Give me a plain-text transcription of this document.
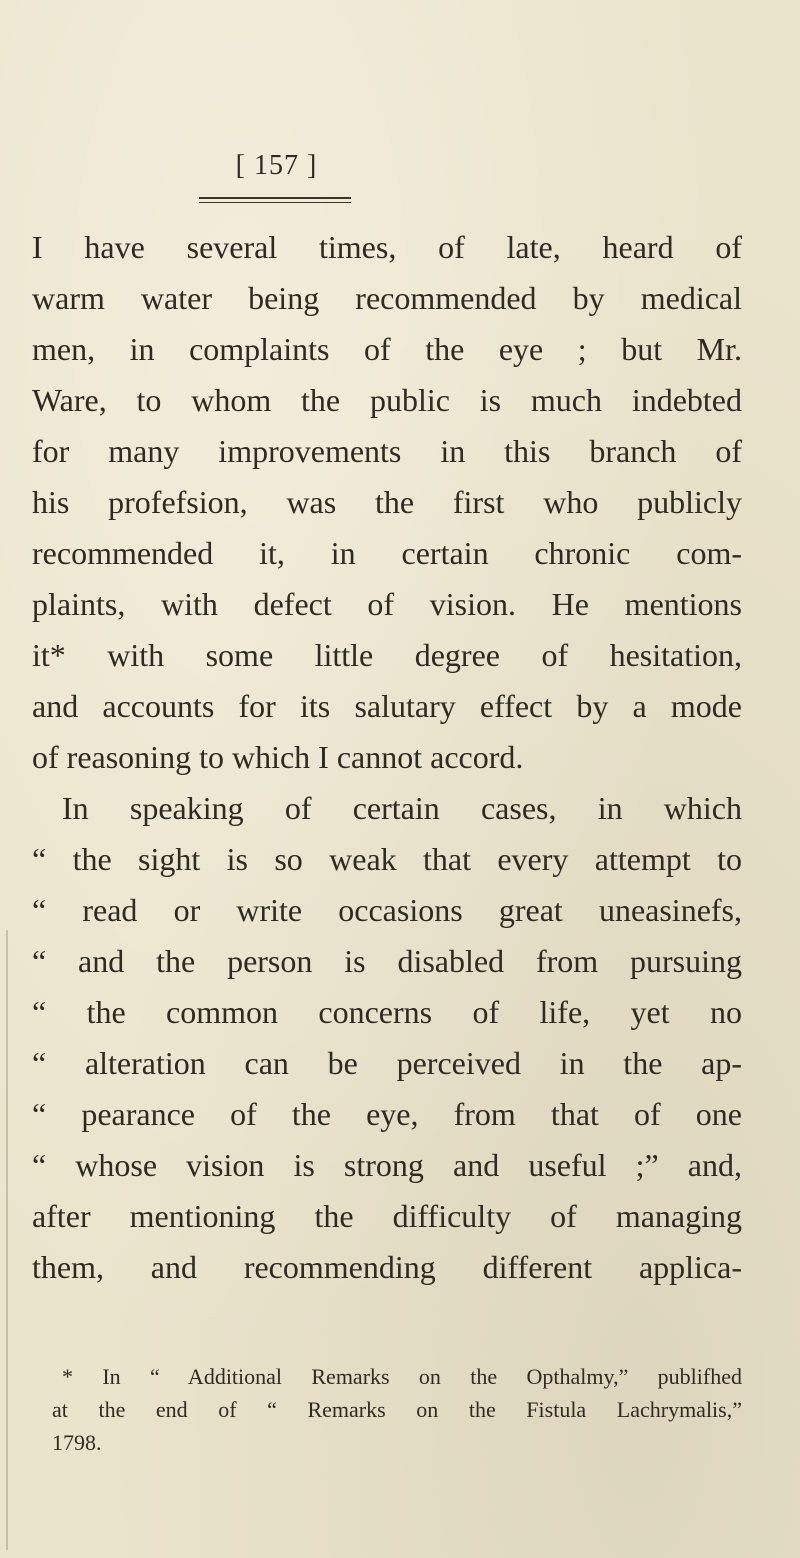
[ 157 ]
I have several times, of late, heard of
warm water being recommended by medical
men, in complaints of the eye ; but Mr.
Ware, to whom the public is much indebted
for many improvements in this branch of
his profefsion, was the first who publicly
recommended it, in certain chronic com-
plaints, with defect of vision. He mentions
it* with some little degree of hesitation,
and accounts for its salutary effect by a mode
of reasoning to which I cannot accord.
In speaking of certain cases, in which
“ the sight is so weak that every attempt to
“ read or write occasions great uneasinefs,
“ and the person is disabled from pursuing
“ the common concerns of life, yet no
“ alteration can be perceived in the ap-
“ pearance of the eye, from that of one
“ whose vision is strong and useful ;” and,
after mentioning the difficulty of managing
them, and recommending different applica-
* In “ Additional Remarks on the Opthalmy,” publifhed
at the end of “ Remarks on the Fistula Lachrymalis,”
1798.
